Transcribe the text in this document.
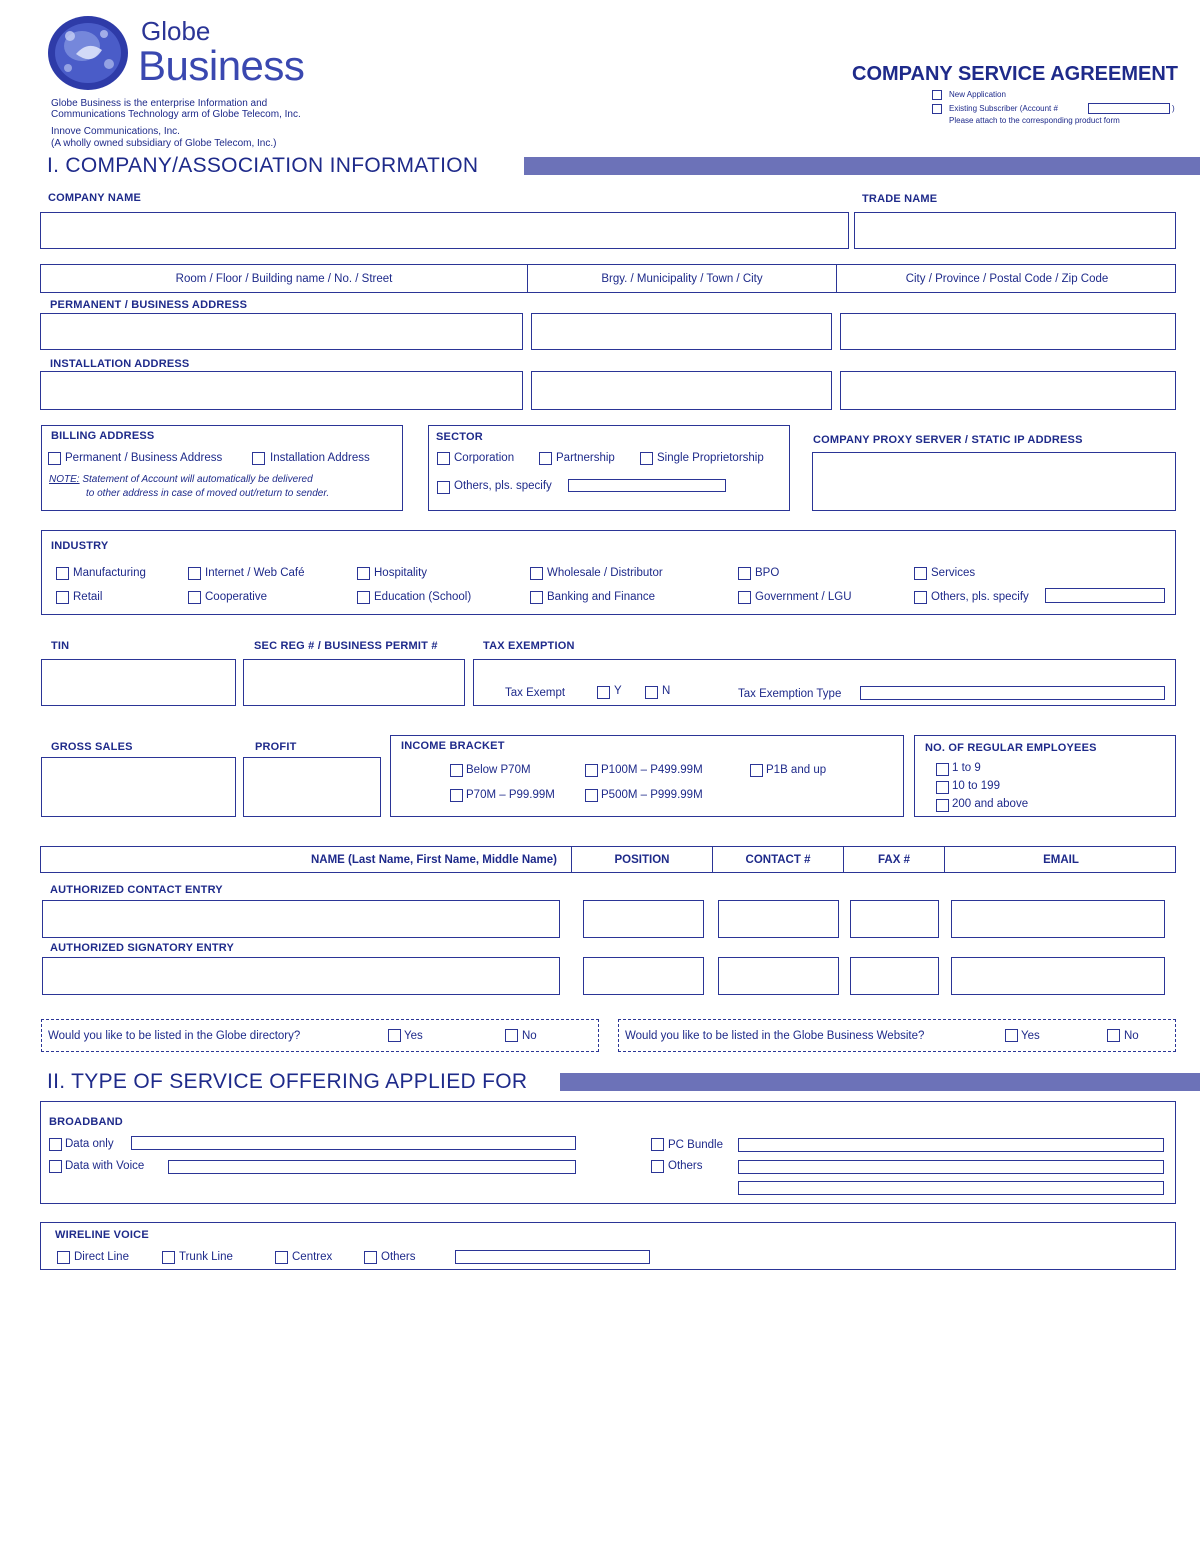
Globe
Business
Globe Business is the enterprise Information and
Communications Technology arm of Globe Telecom, Inc.
Innove Communications, Inc.
(A wholly owned subsidiary of Globe Telecom, Inc.)
COMPANY SERVICE AGREEMENT
New Application
Existing Subscriber (Account #	)
Please attach to the corresponding product form
I. COMPANY/ASSOCIATION INFORMATION
COMPANY NAME	TRADE NAME
Room / Floor / Building name / No. / Street	Brgy. / Municipality / Town / City	City / Province / Postal Code / Zip Code
PERMANENT / BUSINESS ADDRESS
INSTALLATION ADDRESS
BILLING ADDRESS
Permanent / Business Address	Installation Address
NOTE: Statement of Account will automatically be delivered
to other address in case of moved out/return to sender.
SECTOR
Corporation	Partnership	Single Proprietorship
Others, pls. specify
COMPANY PROXY SERVER / STATIC IP ADDRESS
INDUSTRY
Manufacturing	Internet / Web Café	Hospitality	Wholesale / Distributor	BPO	Services
Retail	Cooperative	Education (School)	Banking and Finance	Government / LGU	Others, pls. specify
TIN	SEC REG # / BUSINESS PERMIT #	TAX EXEMPTION
Tax Exempt	Y	N	Tax Exemption Type
GROSS SALES	PROFIT	INCOME BRACKET
Below P70M	P100M – P499.99M	P1B and up
P70M – P99.99M	P500M – P999.99M
NO. OF REGULAR EMPLOYEES
1 to 9
10 to 199
200 and above
NAME (Last Name, First Name, Middle Name)	POSITION	CONTACT #	FAX #	EMAIL
AUTHORIZED CONTACT ENTRY
AUTHORIZED SIGNATORY ENTRY
Would you like to be listed in the Globe directory?	Yes	No	Would you like to be listed in the Globe Business Website?	Yes	No
II. TYPE OF SERVICE OFFERING APPLIED FOR
BROADBAND
Data only
Data with Voice
PC Bundle
Others
WIRELINE VOICE
Direct Line	Trunk Line	Centrex	Others
